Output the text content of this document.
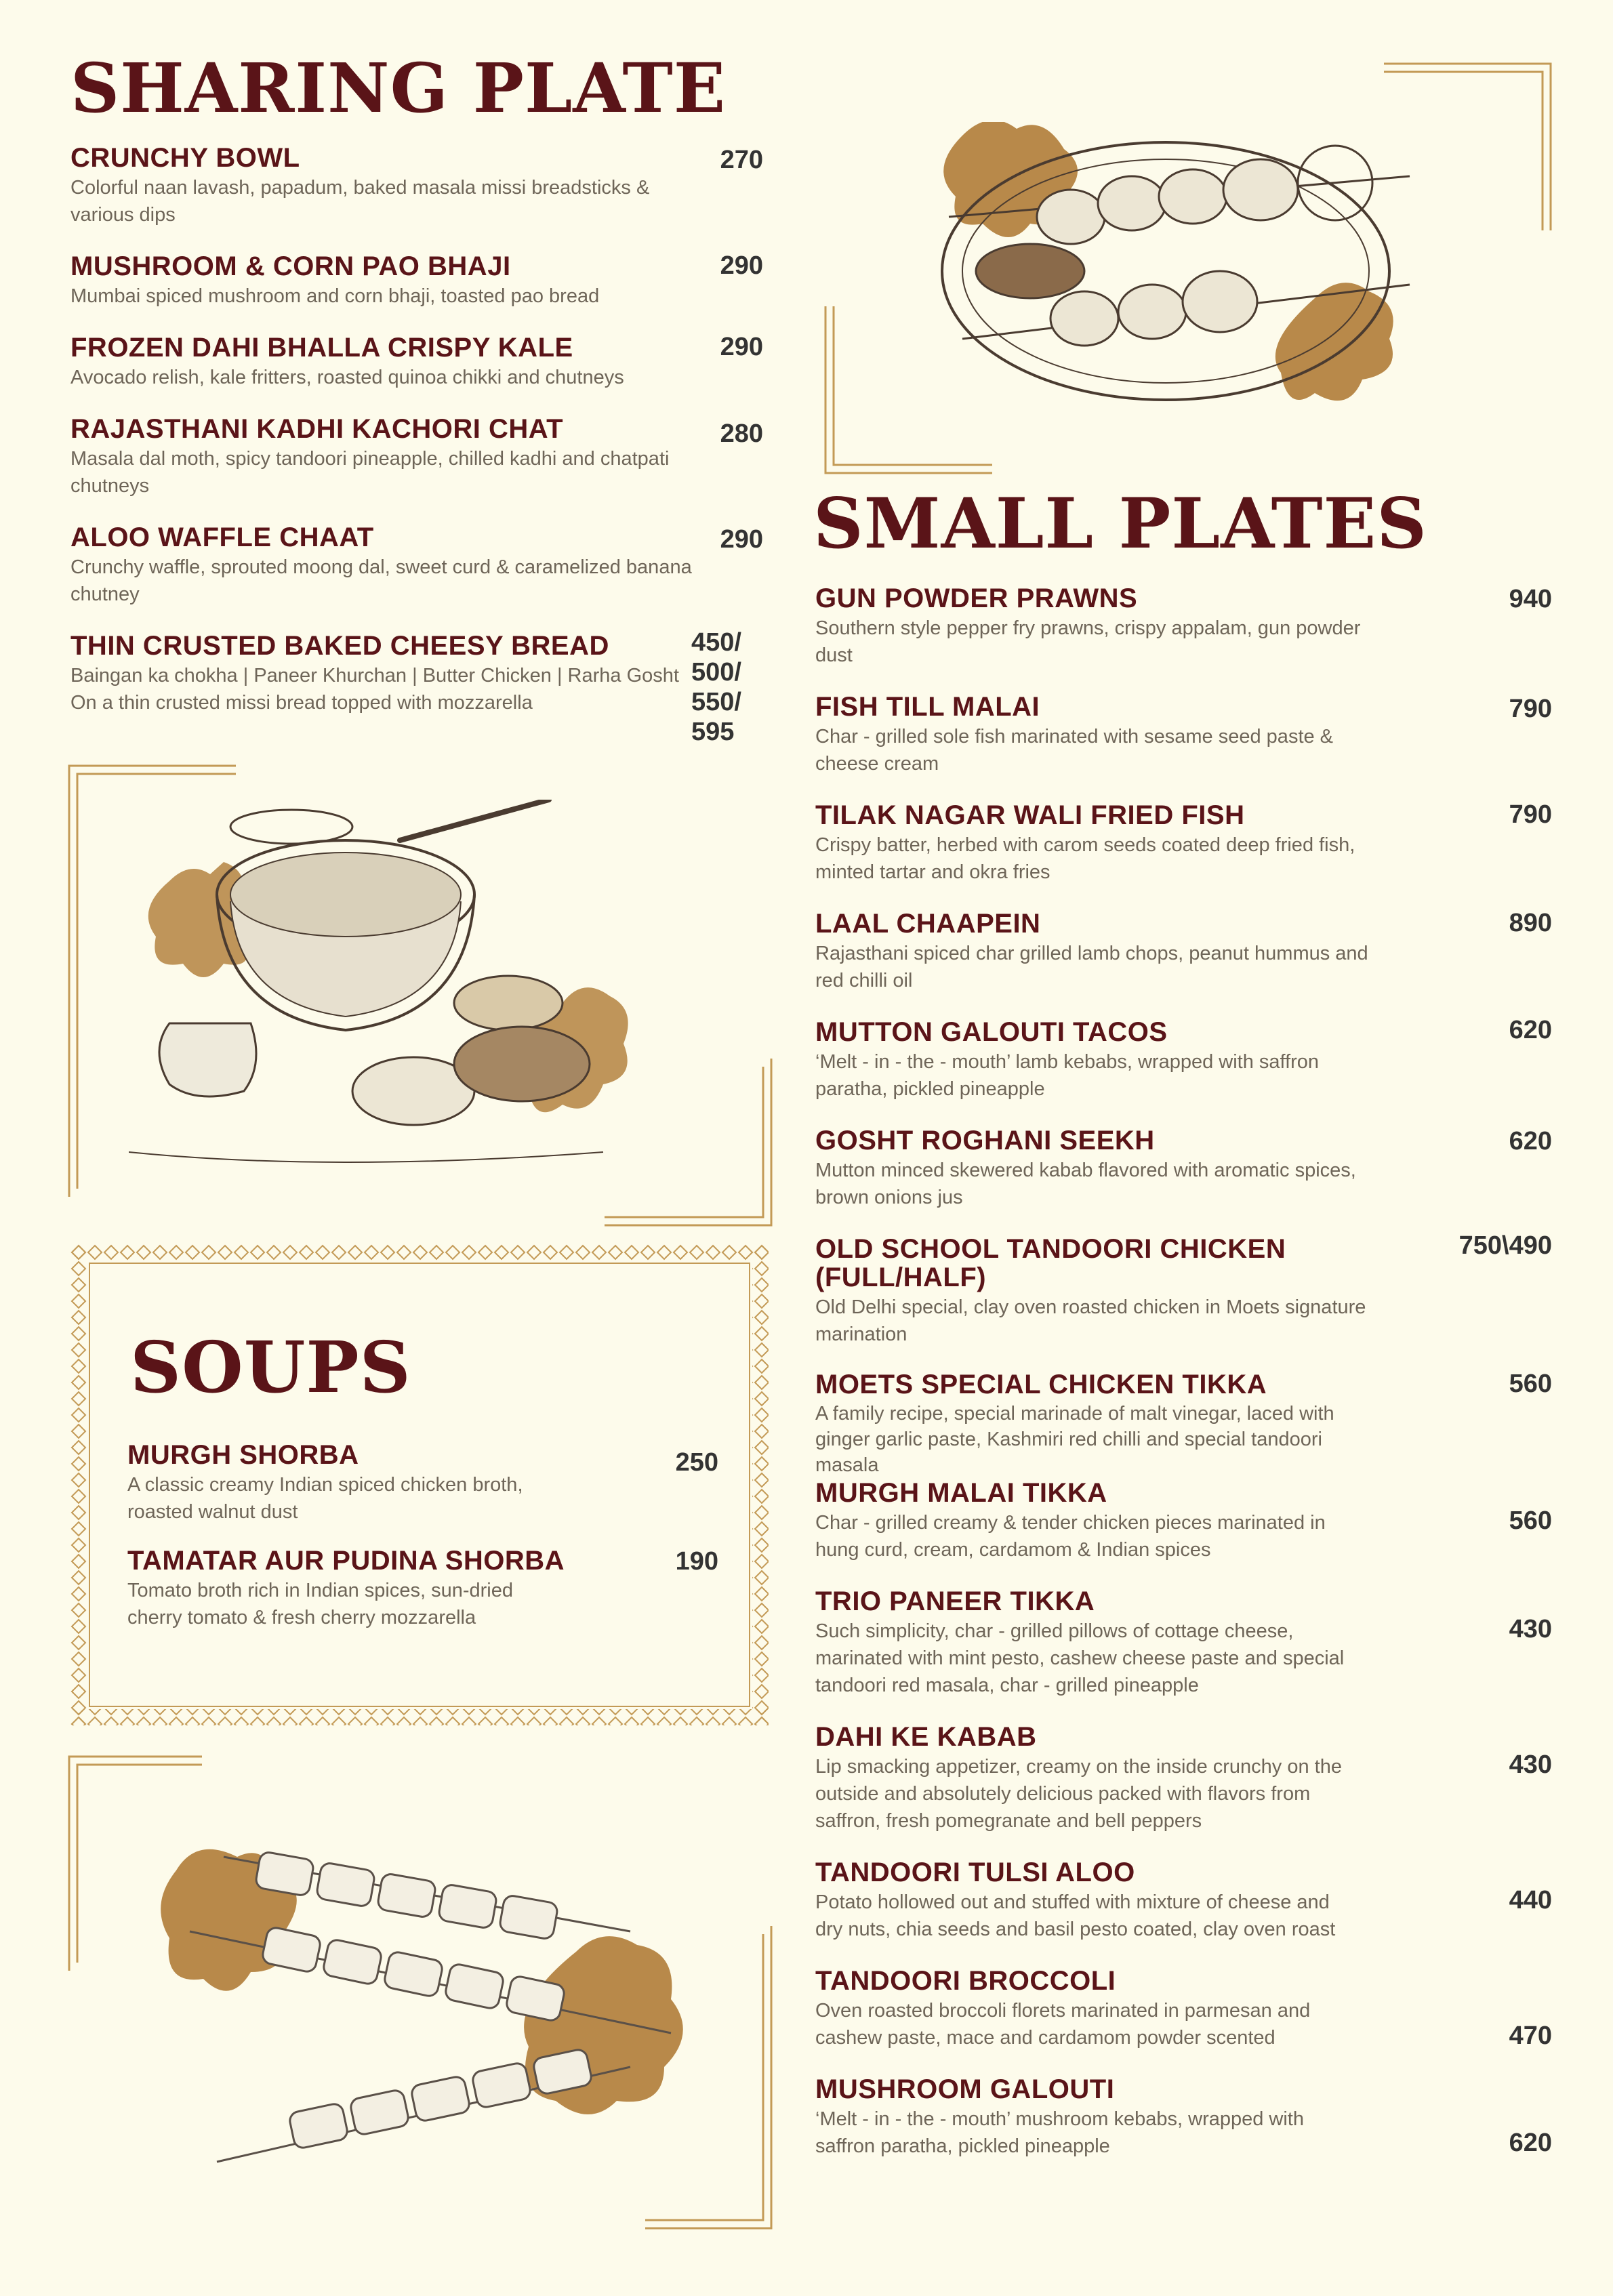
SHARING PLATE
CRUNCHY BOWL
Colorful naan lavash, papadum, baked masala missi breadsticks &
various dips
270
MUSHROOM & CORN PAO BHAJI
Mumbai spiced mushroom and corn bhaji, toasted pao bread
290
FROZEN DAHI BHALLA CRISPY KALE
Avocado relish, kale fritters, roasted quinoa chikki and chutneys
290
RAJASTHANI KADHI KACHORI CHAT
Masala dal moth, spicy tandoori pineapple, chilled kadhi and chatpati
chutneys
280
ALOO WAFFLE CHAAT
Crunchy waffle, sprouted moong dal, sweet curd & caramelized banana
chutney
290
THIN CRUSTED BAKED CHEESY BREAD
Baingan ka chokha | Paneer Khurchan | Butter Chicken | Rarha Gosht
On a thin crusted missi bread topped with mozzarella
450/
500/
550/
595
SOUPS
MURGH SHORBA
A classic creamy Indian spiced chicken broth,
roasted walnut dust
250
TAMATAR AUR PUDINA SHORBA
Tomato broth rich in Indian spices, sun-dried
cherry tomato & fresh cherry mozzarella
190
SMALL PLATES
GUN POWDER PRAWNS
Southern style pepper fry prawns, crispy appalam, gun powder
dust
940
FISH TILL MALAI
Char - grilled sole fish marinated with sesame seed paste &
cheese cream
790
TILAK NAGAR WALI FRIED FISH
Crispy batter, herbed with carom seeds coated deep fried fish,
minted tartar and okra fries
790
LAAL CHAAPEIN
Rajasthani spiced char grilled lamb chops, peanut hummus and
red chilli oil
890
MUTTON GALOUTI TACOS
‘Melt - in - the - mouth’ lamb kebabs, wrapped with saffron
paratha, pickled pineapple
620
GOSHT ROGHANI SEEKH
Mutton minced skewered kabab flavored with aromatic spices,
brown onions jus
620
OLD SCHOOL TANDOORI CHICKEN
(FULL/HALF)
Old Delhi special, clay oven roasted chicken in Moets signature
marination
750\490
MOETS SPECIAL CHICKEN TIKKA
A family recipe, special marinade of malt vinegar, laced with
ginger garlic paste, Kashmiri red chilli and special tandoori
masala
560
MURGH MALAI TIKKA
Char - grilled creamy & tender chicken pieces marinated in
hung curd, cream, cardamom & Indian spices
560
TRIO PANEER TIKKA
Such simplicity, char - grilled pillows of cottage cheese,
marinated with mint pesto, cashew cheese paste and special
tandoori red masala, char - grilled pineapple
430
DAHI KE KABAB
Lip smacking appetizer, creamy on the inside crunchy on the
outside and absolutely delicious packed with flavors from
saffron, fresh pomegranate and bell peppers
430
TANDOORI TULSI ALOO
Potato hollowed out and stuffed with mixture of cheese and
dry nuts, chia seeds and basil pesto coated, clay oven roast
440
TANDOORI BROCCOLI
Oven roasted broccoli florets marinated in parmesan and
cashew paste, mace and cardamom powder scented	470
MUSHROOM GALOUTI
‘Melt - in - the - mouth’ mushroom kebabs, wrapped with
saffron paratha, pickled pineapple	620
